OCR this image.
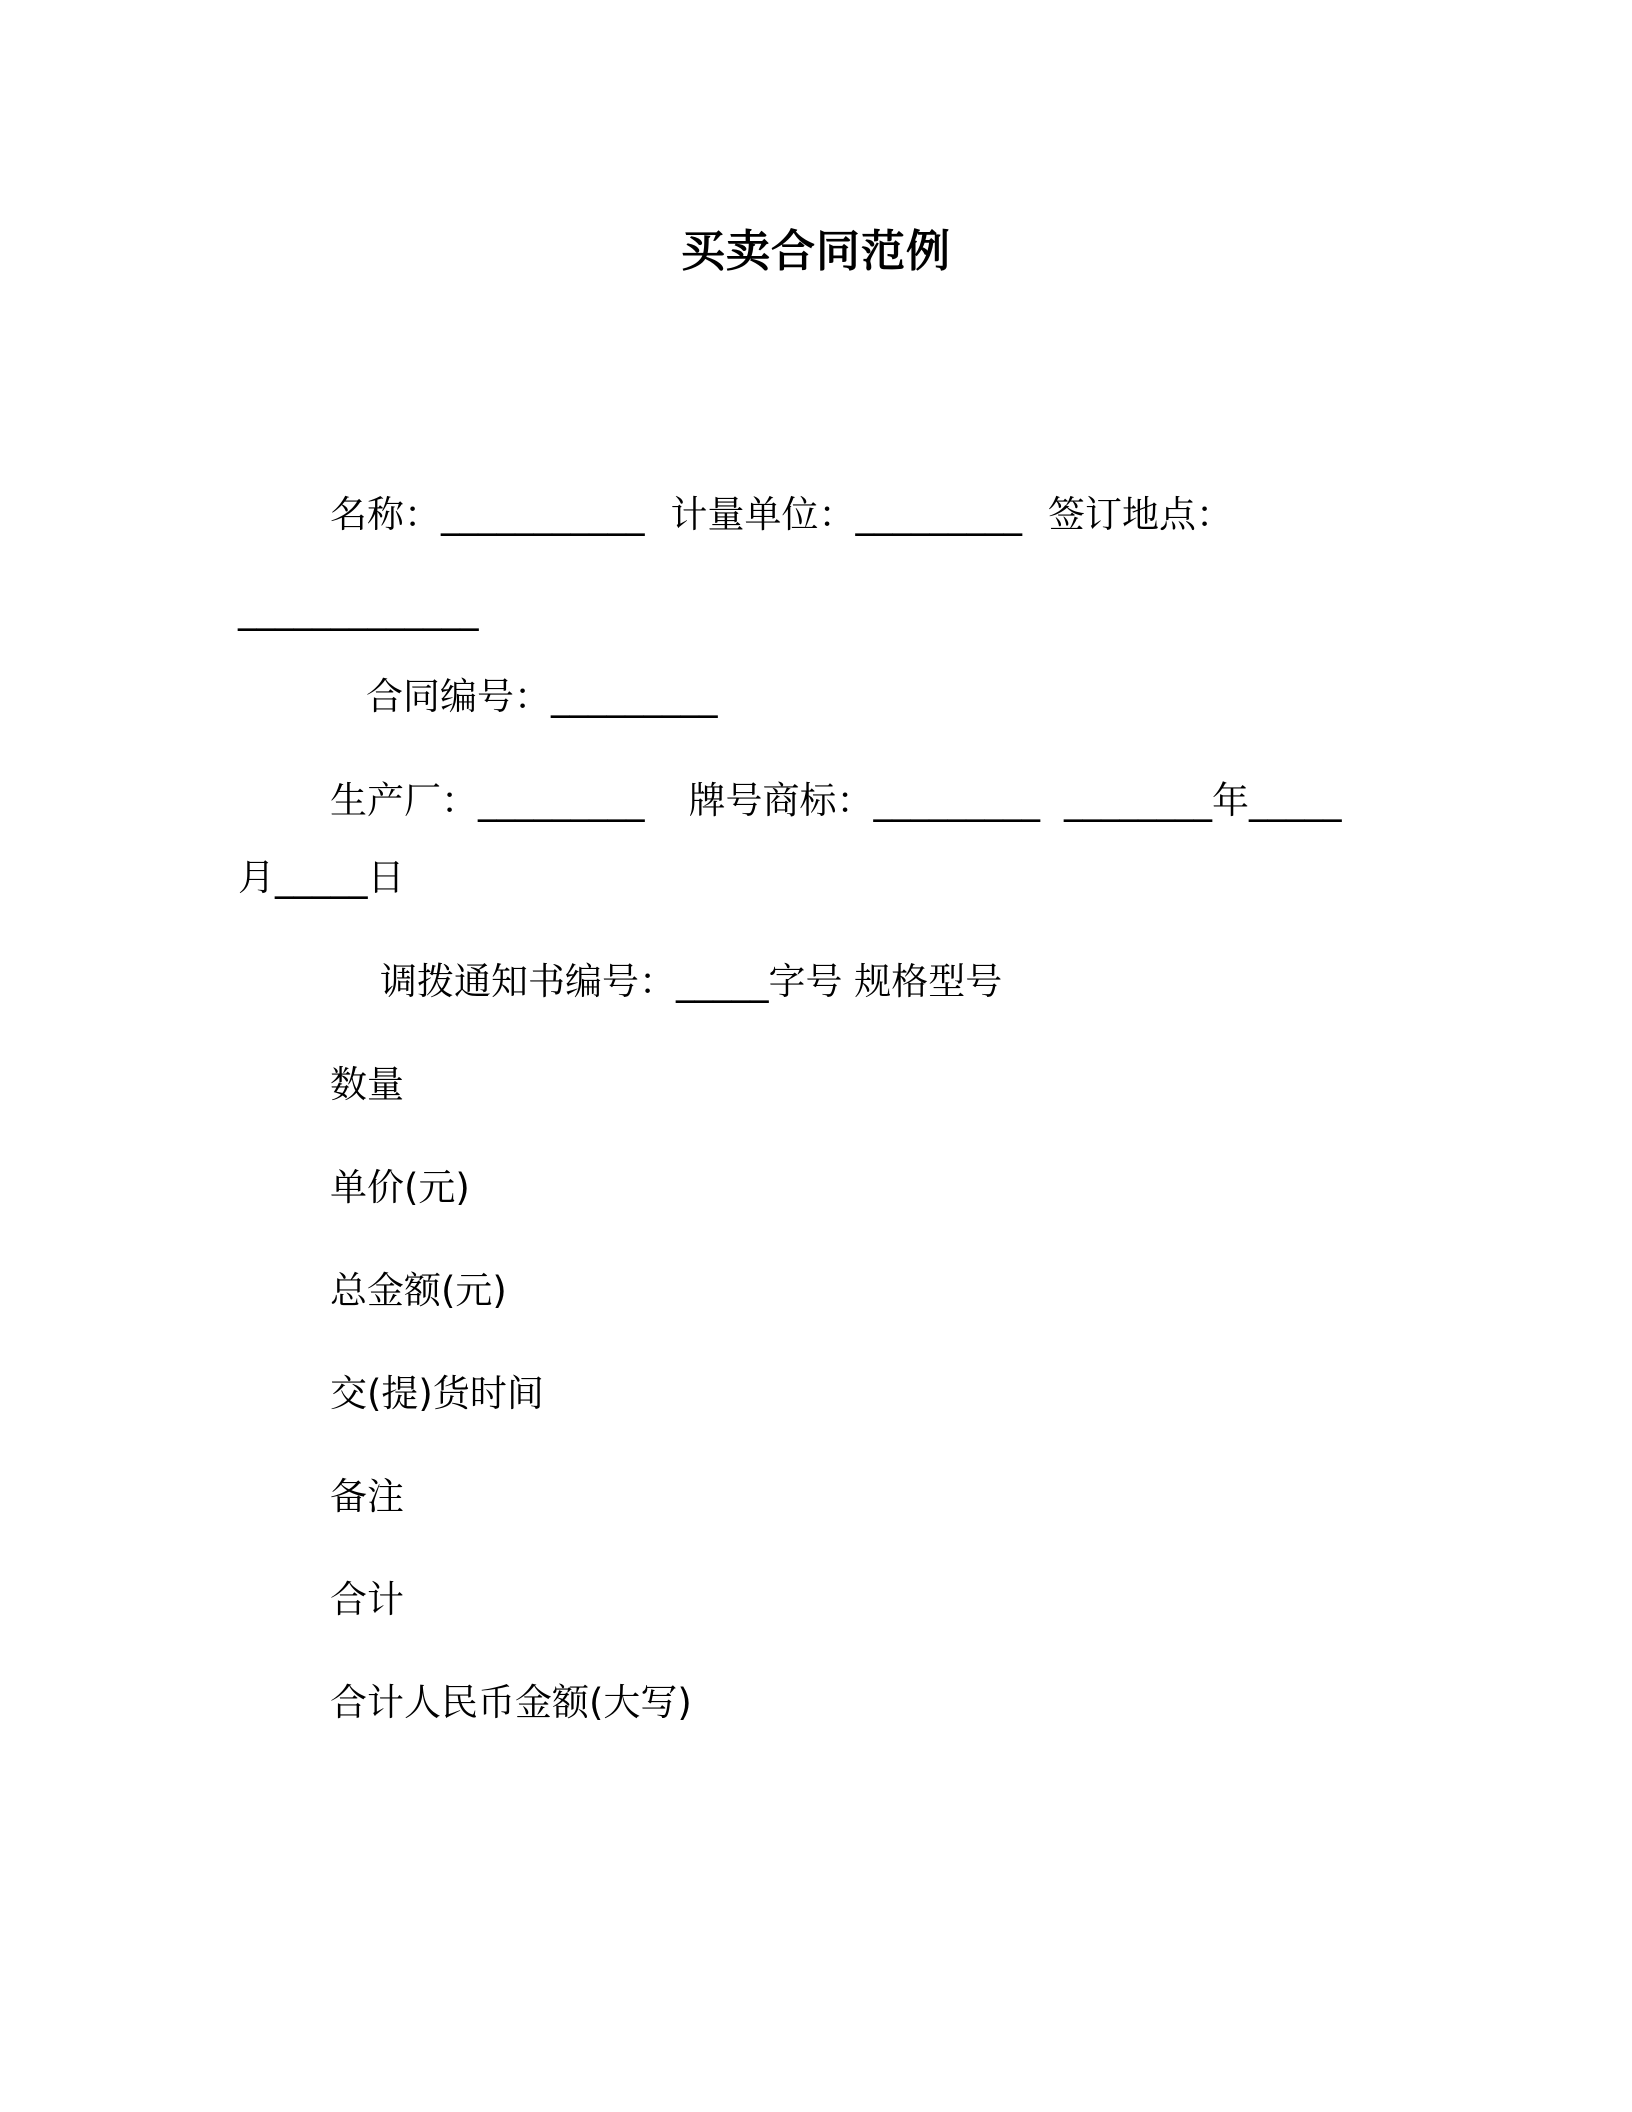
买卖合同范例
名称：___________ 计量单位：_________ 签订地点：
_____________
合同编号：_________
生产厂：_________ 牌号商标：_________ ________年_____
月_____日
调拨通知书编号：_____字号 规格型号
数量
单价(元)
总金额(元)
交(提)货时间
备注
合计
合计人民币金额(大写)
